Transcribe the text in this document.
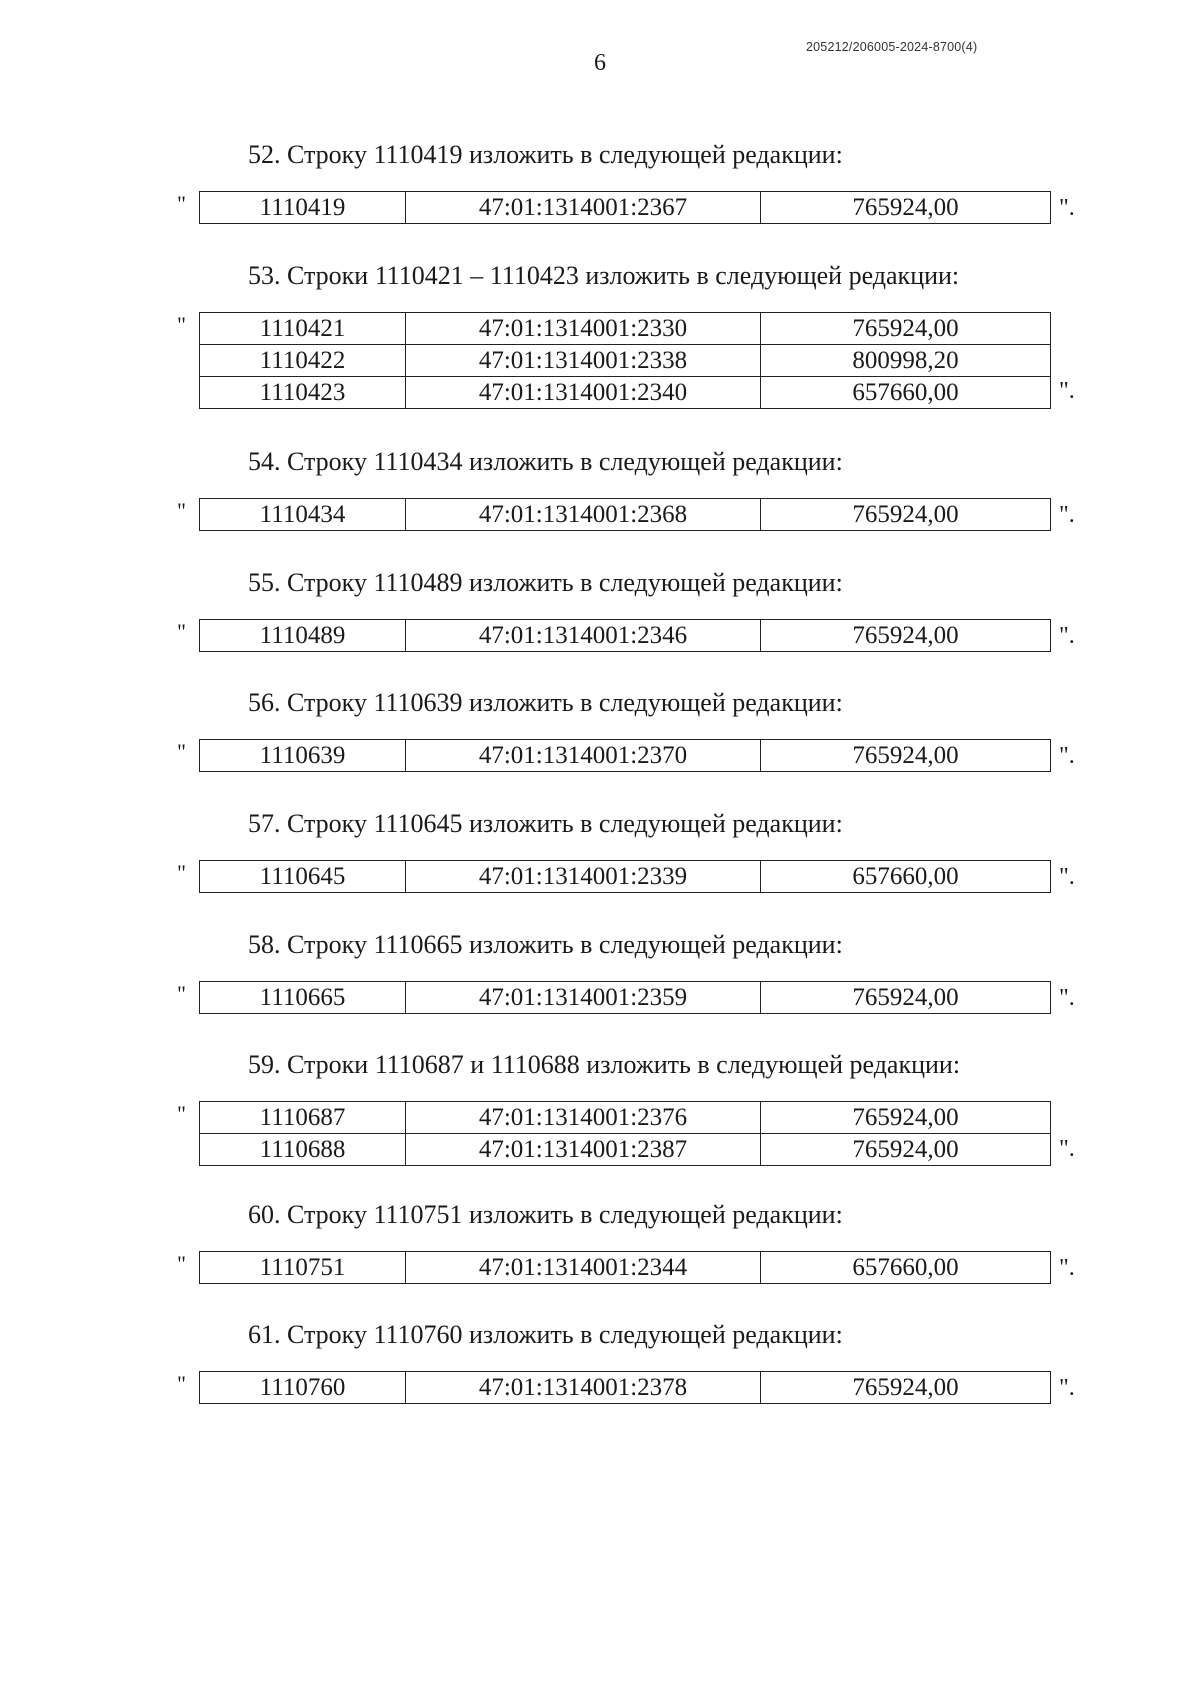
6
205212/206005-2024-8700(4)
52. Строку 1110419 изложить в следующей редакции:
"	1110419	47:01:1314001:2367	765924,00	".
53. Строки 1110421 – 1110423 изложить в следующей редакции:
"	1110421	47:01:1314001:2330	765924,00
1110422	47:01:1314001:2338	800998,20
1110423	47:01:1314001:2340	657660,00	".
54. Строку 1110434 изложить в следующей редакции:
"	1110434	47:01:1314001:2368	765924,00	".
55. Строку 1110489 изложить в следующей редакции:
"	1110489	47:01:1314001:2346	765924,00	".
56. Строку 1110639 изложить в следующей редакции:
"	1110639	47:01:1314001:2370	765924,00	".
57. Строку 1110645 изложить в следующей редакции:
"	1110645	47:01:1314001:2339	657660,00	".
58. Строку 1110665 изложить в следующей редакции:
"	1110665	47:01:1314001:2359	765924,00	".
59. Строки 1110687 и 1110688 изложить в следующей редакции:
"	1110687	47:01:1314001:2376	765924,00
1110688	47:01:1314001:2387	765924,00	".
60. Строку 1110751 изложить в следующей редакции:
"	1110751	47:01:1314001:2344	657660,00	".
61. Строку 1110760 изложить в следующей редакции:
"	1110760	47:01:1314001:2378	765924,00	".
